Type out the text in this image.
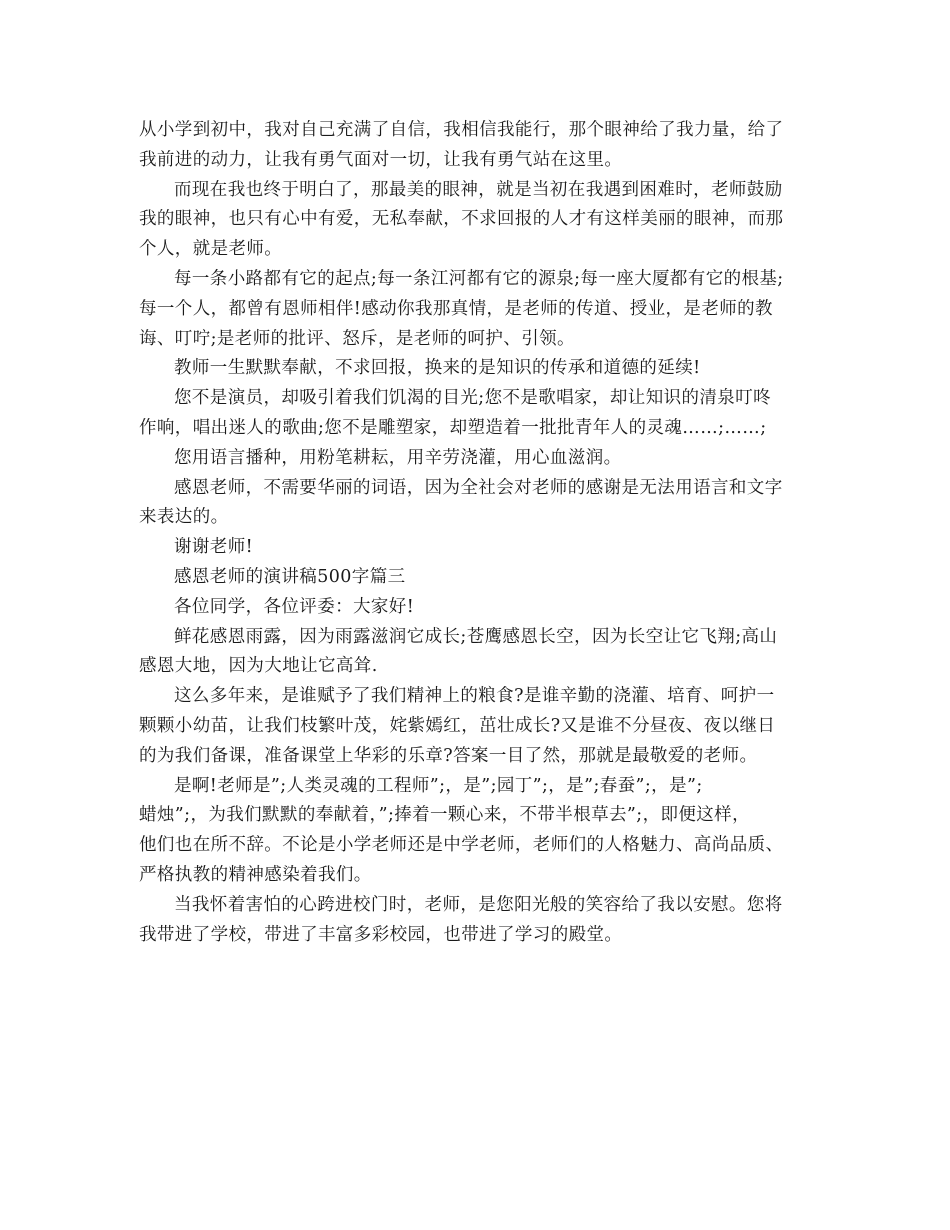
从小学到初中，我对自己充满了自信，我相信我能行，那个眼神给了我力量，给了
我前进的动力，让我有勇气面对一切，让我有勇气站在这里。
而现在我也终于明白了，那最美的眼神，就是当初在我遇到困难时，老师鼓励
我的眼神，也只有心中有爱，无私奉献，不求回报的人才有这样美丽的眼神，而那
个人，就是老师。
每一条小路都有它的起点;每一条江河都有它的源泉;每一座大厦都有它的根基;
每一个人，都曾有恩师相伴!感动你我那真情，是老师的传道、授业，是老师的教
诲、叮咛;是老师的批评、怒斥，是老师的呵护、引领。
教师一生默默奉献，不求回报，换来的是知识的传承和道德的延续!
您不是演员，却吸引着我们饥渴的目光;您不是歌唱家，却让知识的清泉叮咚
作响，唱出迷人的歌曲;您不是雕塑家，却塑造着一批批青年人的灵魂……;……;
您用语言播种，用粉笔耕耘，用辛劳浇灌，用心血滋润。
感恩老师，不需要华丽的词语，因为全社会对老师的感谢是无法用语言和文字
来表达的。
谢谢老师!
感恩老师的演讲稿500字篇三
各位同学，各位评委：大家好!
鲜花感恩雨露，因为雨露滋润它成长;苍鹰感恩长空，因为长空让它飞翔;高山
感恩大地，因为大地让它高耸.
这么多年来，是谁赋予了我们精神上的粮食?是谁辛勤的浇灌、培育、呵护一
颗颗小幼苗，让我们枝繁叶茂，姹紫嫣红，茁壮成长?又是谁不分昼夜、夜以继日
的为我们备课，准备课堂上华彩的乐章?答案一目了然，那就是最敬爱的老师。
是啊!老师是”;人类灵魂的工程师”;，是”;园丁”;，是”;春蚕”;，是”;
蜡烛”;，为我们默默的奉献着，”;捧着一颗心来，不带半根草去”;，即便这样，
他们也在所不辞。不论是小学老师还是中学老师，老师们的人格魅力、高尚品质、
严格执教的精神感染着我们。
当我怀着害怕的心跨进校门时，老师，是您阳光般的笑容给了我以安慰。您将
我带进了学校，带进了丰富多彩校园，也带进了学习的殿堂。
